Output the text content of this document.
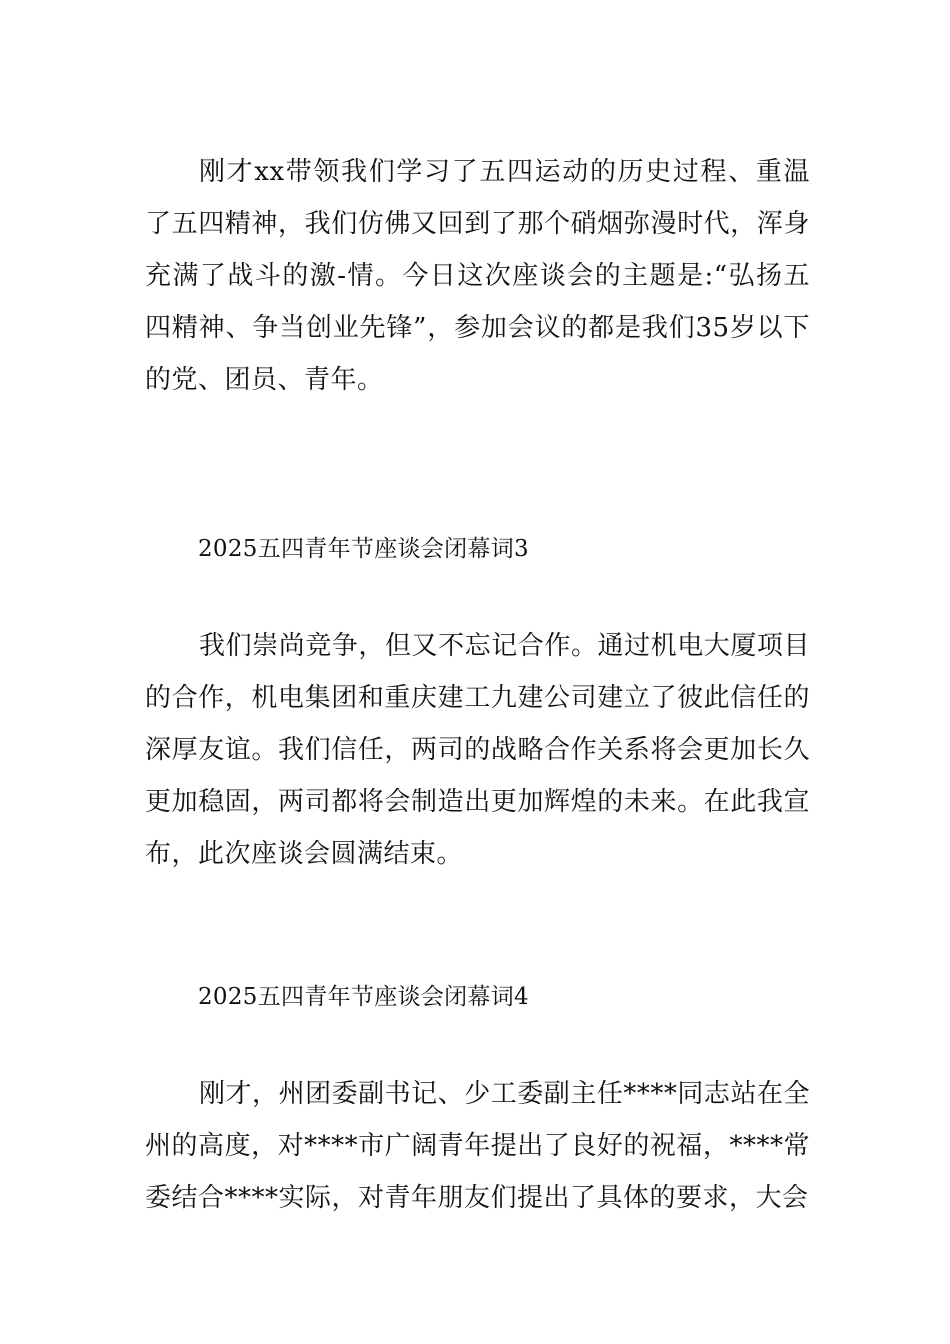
刚才xx带领我们学习了五四运动的历史过程、重温了五四精神，我们仿佛又回到了那个硝烟弥漫时代，浑身充满了战斗的激-情。今日这次座谈会的主题是:“弘扬五四精神、争当创业先锋”，参加会议的都是我们35岁以下的党、团员、青年。

2025五四青年节座谈会闭幕词3

我们崇尚竞争，但又不忘记合作。通过机电大厦项目的合作，机电集团和重庆建工九建公司建立了彼此信任的深厚友谊。我们信任，两司的战略合作关系将会更加长久更加稳固，两司都将会制造出更加辉煌的未来。在此我宣布，此次座谈会圆满结束。

2025五四青年节座谈会闭幕词4

刚才，州团委副书记、少工委副主任****同志站在全州的高度，对****市广阔青年提出了良好的祝福，****常委结合****实际，对青年朋友们提出了具体的要求，大会
